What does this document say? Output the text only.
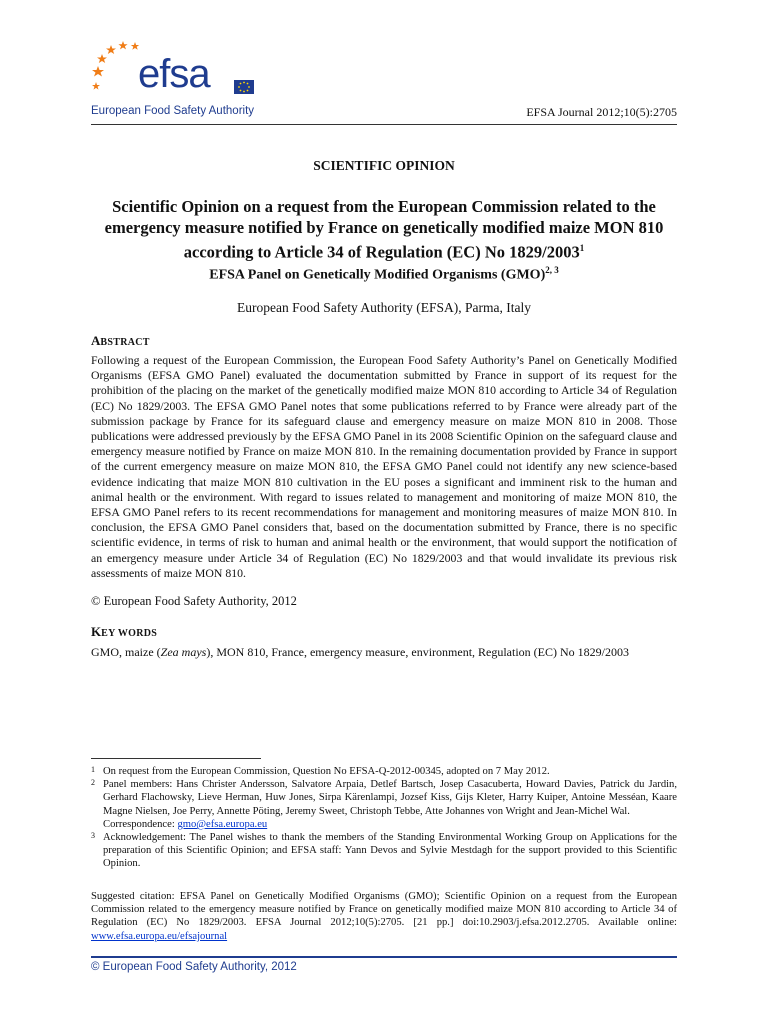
efsa
European Food Safety Authority	EFSA Journal 2012;10(5):2705
SCIENTIFIC OPINION
Scientific Opinion on a request from the European Commission related to the emergency measure notified by France on genetically modified maize MON 810 according to Article 34 of Regulation (EC) No 1829/2003$^1$
EFSA Panel on Genetically Modified Organisms (GMO)$^{2, 3}$
European Food Safety Authority (EFSA), Parma, Italy
ABSTRACT
Following a request of the European Commission, the European Food Safety Authority’s Panel on Genetically Modified Organisms (EFSA GMO Panel) evaluated the documentation submitted by France in support of its request for the prohibition of the placing on the market of the genetically modified maize MON 810 according to Article 34 of Regulation (EC) No 1829/2003. The EFSA GMO Panel notes that some publications referred to by France were already part of the submission package by France for its safeguard clause and emergency measure on maize MON 810 in 2008. Those publications were addressed previously by the EFSA GMO Panel in its 2008 Scientific Opinion on the safeguard clause and emergency measure notified by France on maize MON 810. In the remaining documentation provided by France in support of the current emergency measure on maize MON 810, the EFSA GMO Panel could not identify any new science-based evidence indicating that maize MON 810 cultivation in the EU poses a significant and imminent risk to the human and animal health or the environment. With regard to issues related to management and monitoring of maize MON 810, the EFSA GMO Panel refers to its recent recommendations for management and monitoring measures of maize MON 810. In conclusion, the EFSA GMO Panel considers that, based on the documentation submitted by France, there is no specific scientific evidence, in terms of risk to human and animal health or the environment, that would support the notification of an emergency measure under Article 34 of Regulation (EC) No 1829/2003 and that would invalidate its previous risk assessments of maize MON 810.
© European Food Safety Authority, 2012
KEY WORDS
GMO, maize (Zea mays), MON 810, France, emergency measure, environment, Regulation (EC) No 1829/2003
1 On request from the European Commission, Question No EFSA-Q-2012-00345, adopted on 7 May 2012.
2 Panel members: Hans Christer Andersson, Salvatore Arpaia, Detlef Bartsch, Josep Casacuberta, Howard Davies, Patrick du Jardin, Gerhard Flachowsky, Lieve Herman, Huw Jones, Sirpa Kärenlampi, Jozsef Kiss, Gijs Kleter, Harry Kuiper, Antoine Messéan, Kaare Magne Nielsen, Joe Perry, Annette Pöting, Jeremy Sweet, Christoph Tebbe, Atte Johannes von Wright and Jean-Michel Wal.
Correspondence: gmo@efsa.europa.eu
3 Acknowledgement: The Panel wishes to thank the members of the Standing Environmental Working Group on Applications for the preparation of this Scientific Opinion; and EFSA staff: Yann Devos and Sylvie Mestdagh for the support provided to this Scientific Opinion.
Suggested citation: EFSA Panel on Genetically Modified Organisms (GMO); Scientific Opinion on a request from the European Commission related to the emergency measure notified by France on genetically modified maize MON 810 according to Article 34 of Regulation (EC) No 1829/2003. EFSA Journal 2012;10(5):2705. [21 pp.] doi:10.2903/j.efsa.2012.2705. Available online: www.efsa.europa.eu/efsajournal
© European Food Safety Authority, 2012
